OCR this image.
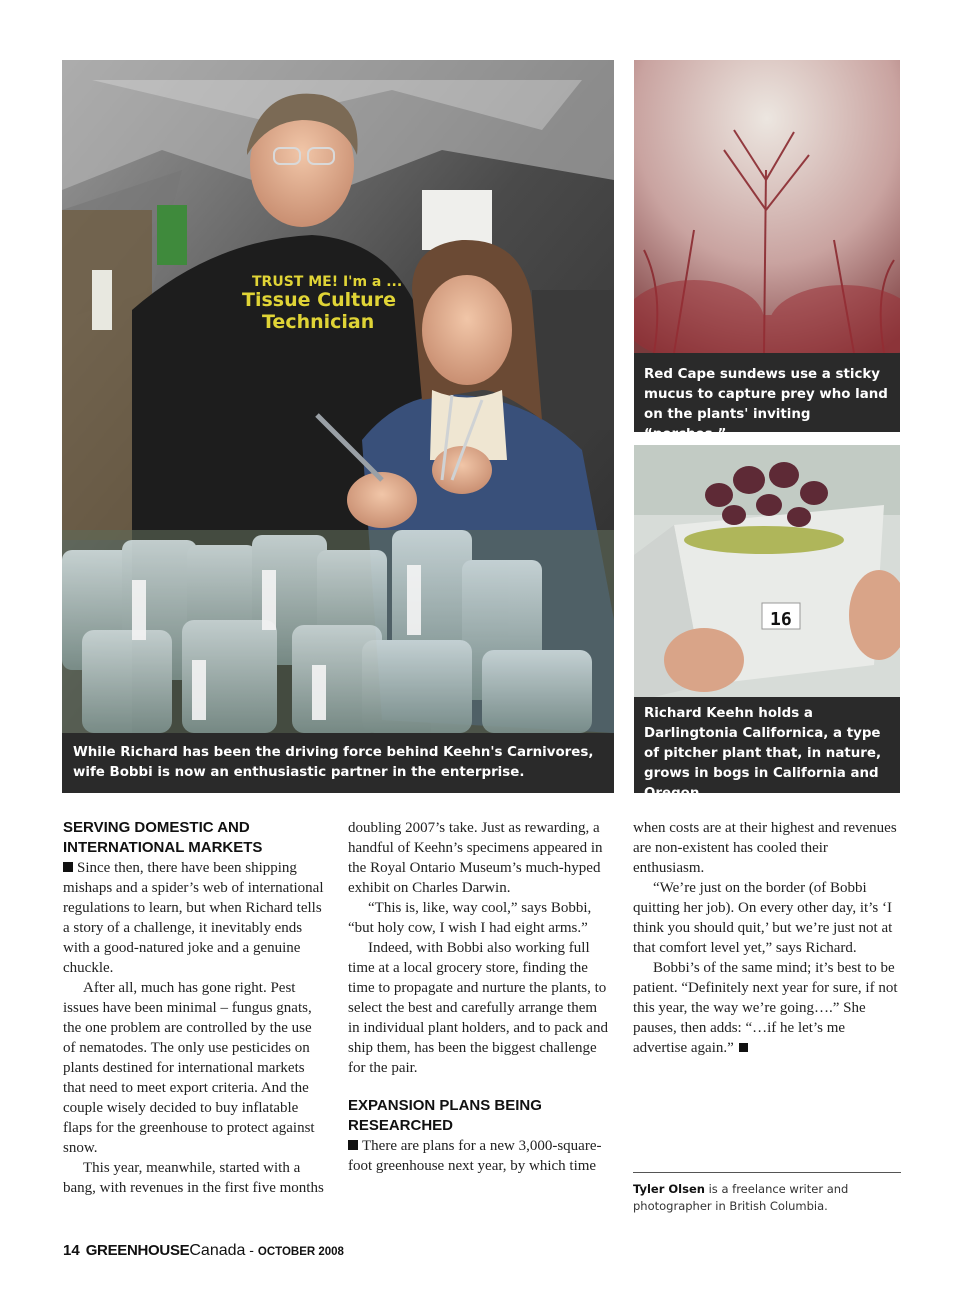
TRUST ME! I'm a ...
Tissue Culture
Technician
While Richard has been the driving force behind Keehn's Carnivores, wife Bobbi is now an enthusiastic partner in the enterprise.
Red Cape sundews use a sticky mucus to capture prey who land on the plants' inviting “perches.”
16
Richard Keehn holds a Darlingtonia Californica, a type of pitcher plant that, in nature, grows in bogs in California and Oregon.
SERVING DOMESTIC AND INTERNATIONAL MARKETS

Since then, there have been shipping mishaps and a spider’s web of international regulations to learn, but when Richard tells a story of a challenge, it inevitably ends with a good-natured joke and a genuine chuckle.

After all, much has gone right. Pest issues have been minimal – fungus gnats, the one problem are controlled by the use of nematodes. The only use pesticides on plants destined for international markets that need to meet export criteria. And the couple wisely decided to buy inflatable flaps for the greenhouse to protect against snow.

This year, meanwhile, started with a bang, with revenues in the first five months

doubling 2007’s take. Just as rewarding, a handful of Keehn’s specimens appeared in the Royal Ontario Museum’s much-hyped exhibit on Charles Darwin.

“This is, like, way cool,” says Bobbi, “but holy cow, I wish I had eight arms.”

Indeed, with Bobbi also working full time at a local grocery store, finding the time to propagate and nurture the plants, to select the best and carefully arrange them in individual plant holders, and to pack and ship them, has been the biggest challenge for the pair.

EXPANSION PLANS BEING RESEARCHED

There are plans for a new 3,000-square-foot greenhouse next year, by which time

when costs are at their highest and revenues are non-existent has cooled their enthusiasm.

“We’re just on the border (of Bobbi quitting her job). On every other day, it’s ‘I think you should quit,’ but we’re just not at that comfort level yet,” says Richard.

Bobbi’s of the same mind; it’s best to be patient. “Definitely next year for sure, if not this year, the way we’re going….” She pauses, then adds: “…if he let’s me advertise again.”

Tyler Olsen is a freelance writer and photographer in British Columbia.
14 GREENHOUSECanada - OCTOBER 2008
